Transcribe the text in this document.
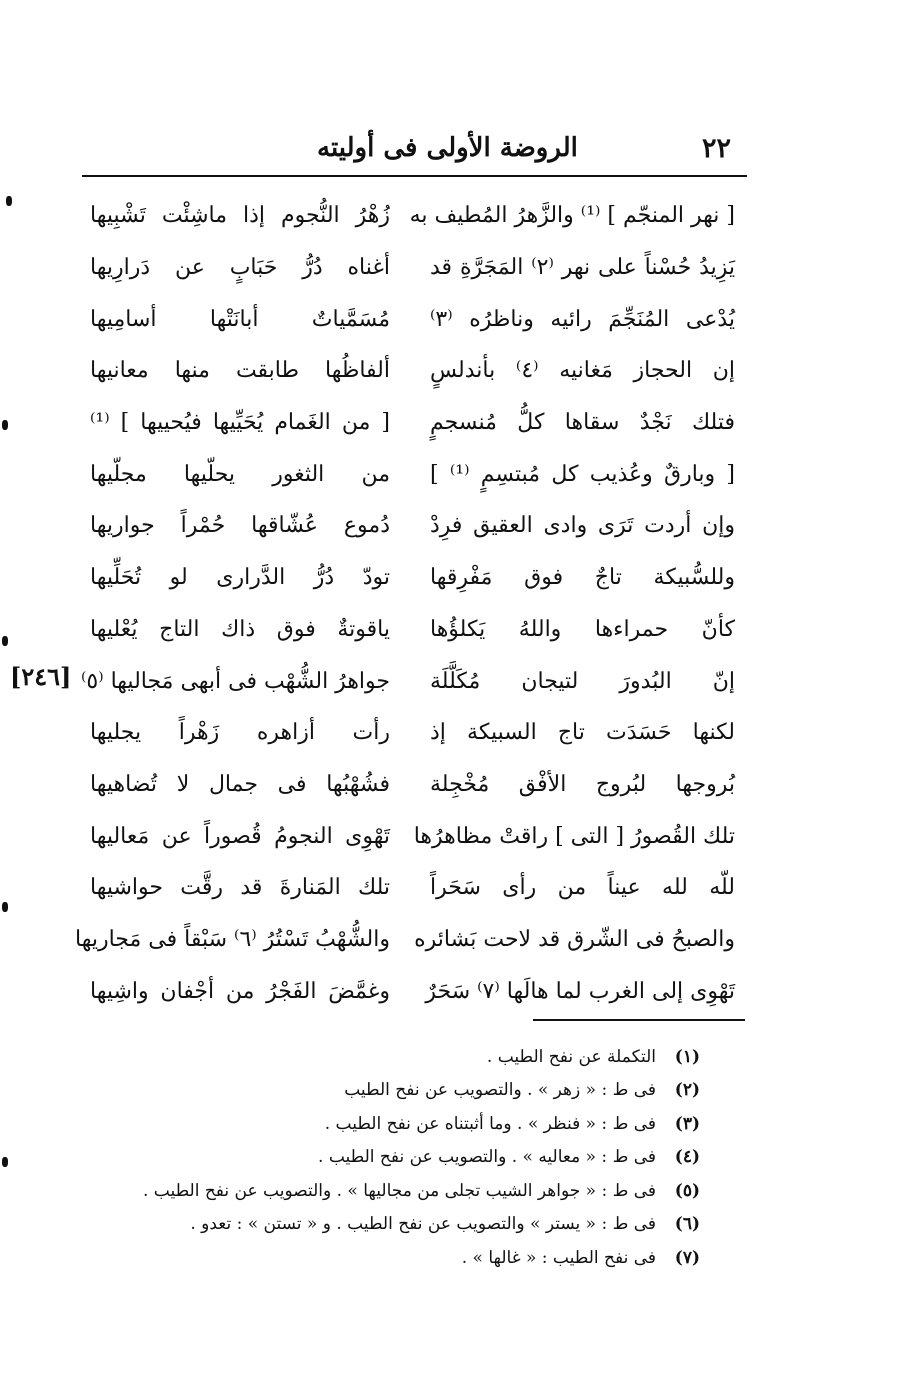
٢٢
الروضة الأولى فى أوليته
[ نهر المنجّم ] ⁽¹⁾ والزَّهرُ المُطيف به
زُهْرُ النُّجوم إذا ماشِئْت تَشْبِيها
يَزِيدُ حُسْناً على نهر ⁽٢⁾ المَجَرَّةِ قد
أغناه دُرُّ حَبَابٍ عن دَرارِيها
يُدْعى المُنَجِّمَ رائيه وناظرُه ⁽٣⁾
مُسَمَّياتٌ أبانَتْها أسامِيها
إن الحجاز مَغانيه ⁽٤⁾ بأندلسٍ
ألفاظُها طابقت منها معانيها
فتلك نَجْدٌ سقاها كلُّ مُنسجمٍ
[ من الغَمام يُحَيِّيها فيُحييها ] ⁽¹⁾
[ وبارقٌ وعُذيب كل مُبتسِمٍ ⁽¹⁾ ]
من الثغور يحلّيها مجلّيها
وإن أردت تَرَى وادى العقيق فرِدْ
دُموع عُشّاقها حُمْراً جواريها
وللسُّبيكة تاجٌ فوق مَفْرِقها
تودّ دُرُّ الدَّرارى لو تُحَلِّيها
كأنّ حمراءها واللهُ يَكلؤُها
ياقوتةٌ فوق ذاك التاج يُعْليها
إنّ البُدورَ لتيجان مُكَلَّلَة
جواهرُ الشُّهْب فى أبهى مَجاليها ⁽٥⁾
لكنها حَسَدَت تاج السبيكة إذ
رأت أزاهره زَهْراً يجليها
بُروجها لبُروج الأفْق مُخْجِلة
فشُهْبُها فى جمال لا تُضاهيها
تلك القُصورُ [ التى ] راقتْ مظاهرُها
تَهْوِى النجومُ قُصوراً عن مَعاليها
للّه لله عيناً من رأى سَحَراً
تلك المَنارةَ قد رقَّت حواشيها
والصبحُ فى الشّرق قد لاحت بَشائره
والشُّهْبُ تَسْتُرُ ⁽٦⁾ سَبْقاً فى مَجاريها
تَهْوِى إلى الغرب لما هالَها ⁽٧⁾ سَحَرٌ
وغمَّضَ الفَجْرُ من أجْفان واشِيها
[٢٤٦]
(١)
التكملة عن نفح الطيب .
(٢)
فى ط : « زهر » . والتصويب عن نفح الطيب
(٣)
فى ط : « فنظر » . وما أثبتناه عن نفح الطيب .
(٤)
فى ط : « معاليه » . والتصويب عن نفح الطيب .
(٥)
فى ط : « جواهر الشيب تجلى من مجاليها » . والتصويب عن نفح الطيب .
(٦)
فى ط : « يستر » والتصويب عن نفح الطيب . و « تستن » : تعدو .
(٧)
فى نفح الطيب : « غالها » .
